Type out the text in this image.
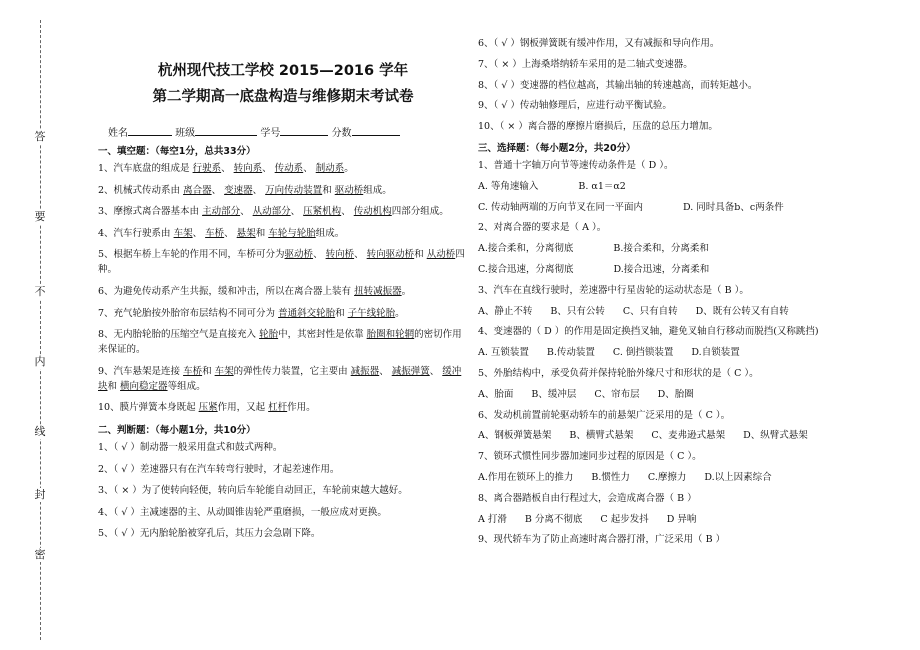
密
封
线
内
不
要
答
杭州现代技工学校 2015—2016 学年
第二学期高一底盘构造与维修期末考试卷
姓名	班级	学号	分数
一、填空题：（每空1分，总共33分）

1、汽车底盘的组成是 行驶系、 转向系、 传动系、 制动系。

2、机械式传动系由 离合器、 变速器、 万向传动装置和 驱动桥组成。

3、摩擦式离合器基本由 主动部分、 从动部分、 压紧机构、 传动机构四部分组成。

4、汽车行驶系由 车架、 车桥、 悬架和 车轮与轮胎组成。

5、根据车桥上车轮的作用不同，车桥可分为驱动桥、 转向桥、 转向驱动桥和 从动桥四种。

6、为避免传动系产生共振，缓和冲击，所以在离合器上装有 扭转减振器。

7、充气轮胎按外胎帘布层结构不同可分为 普通斜交轮胎和 子午线轮胎。

8、无内胎轮胎的压缩空气是直接充入 轮胎中，其密封性是依靠 胎圈和轮辋的密切作用来保证的。

9、汽车悬架是连接 车桥和 车架的弹性传力装置，它主要由 减振器、 减振弹簧、 缓冲块和 横向稳定器等组成。

10、膜片弹簧本身既起 压紧作用，又起 杠杆作用。

二、判断题：（每小题1分，共10分）

1、（ √ ）制动器一般采用盘式和鼓式两种。

2、（ √ ）差速器只有在汽车转弯行驶时，才起差速作用。

3、（ × ）为了使转向轻便，转向后车轮能自动回正，车轮前束越大越好。

4、（ √ ）主减速器的主、从动圆锥齿轮严重磨损，一般应成对更换。

5、（ √ ）无内胎轮胎被穿孔后，其压力会急剧下降。

6、（ √ ）钢板弹簧既有缓冲作用，又有减振和导向作用。

7、（ × ）上海桑塔纳轿车采用的是二轴式变速器。

8、（ √ ）变速器的档位越高，其输出轴的转速越高，而转矩越小。

9、（ √ ）传动轴修理后，应进行动平衡试验。

10、（ × ）离合器的摩擦片磨损后，压盘的总压力增加。

三、选择题：（每小题2分，共20分）

1、普通十字轴万向节等速传动条件是（ D ）。

A. 等角速输入	B. α1＝α2

C. 传动轴两端的万向节叉在同一平面内	D. 同时具备b、c两条件

2、对离合器的要求是（ A ）。

A.接合柔和，分离彻底	B.接合柔和，分离柔和

C.接合迅速，分离彻底	D.接合迅速，分离柔和

3、汽车在直线行驶时，差速器中行星齿轮的运动状态是（ B ）。

A、静止不转 B、只有公转 C、只有自转 D、既有公转又有自转

4、变速器的（ D ）的作用是固定换挡叉轴，避免叉轴自行移动而脱挡(又称跳挡)

A. 互锁装置 B.传动装置 C. 倒挡锁装置 D.自锁装置

5、外胎结构中，承受负荷并保持轮胎外缘尺寸和形状的是（ C ）。

A、胎面 B、缓冲层 C、帘布层 D、胎圈

6、发动机前置前轮驱动轿车的前悬架广泛采用的是（ C ）。

A、钢板弹簧悬架 B、横臂式悬架 C、麦弗逊式悬架 D、纵臂式悬架

7、锁环式惯性同步器加速同步过程的原因是（ C ）。

A.作用在锁环上的推力 B.惯性力 C.摩擦力 D.以上因素综合

8、离合器踏板自由行程过大，会造成离合器（ B ）

A 打滑 B 分离不彻底 C 起步发抖 D 异响

9、现代轿车为了防止高速时离合器打滑，广泛采用（ B ）
